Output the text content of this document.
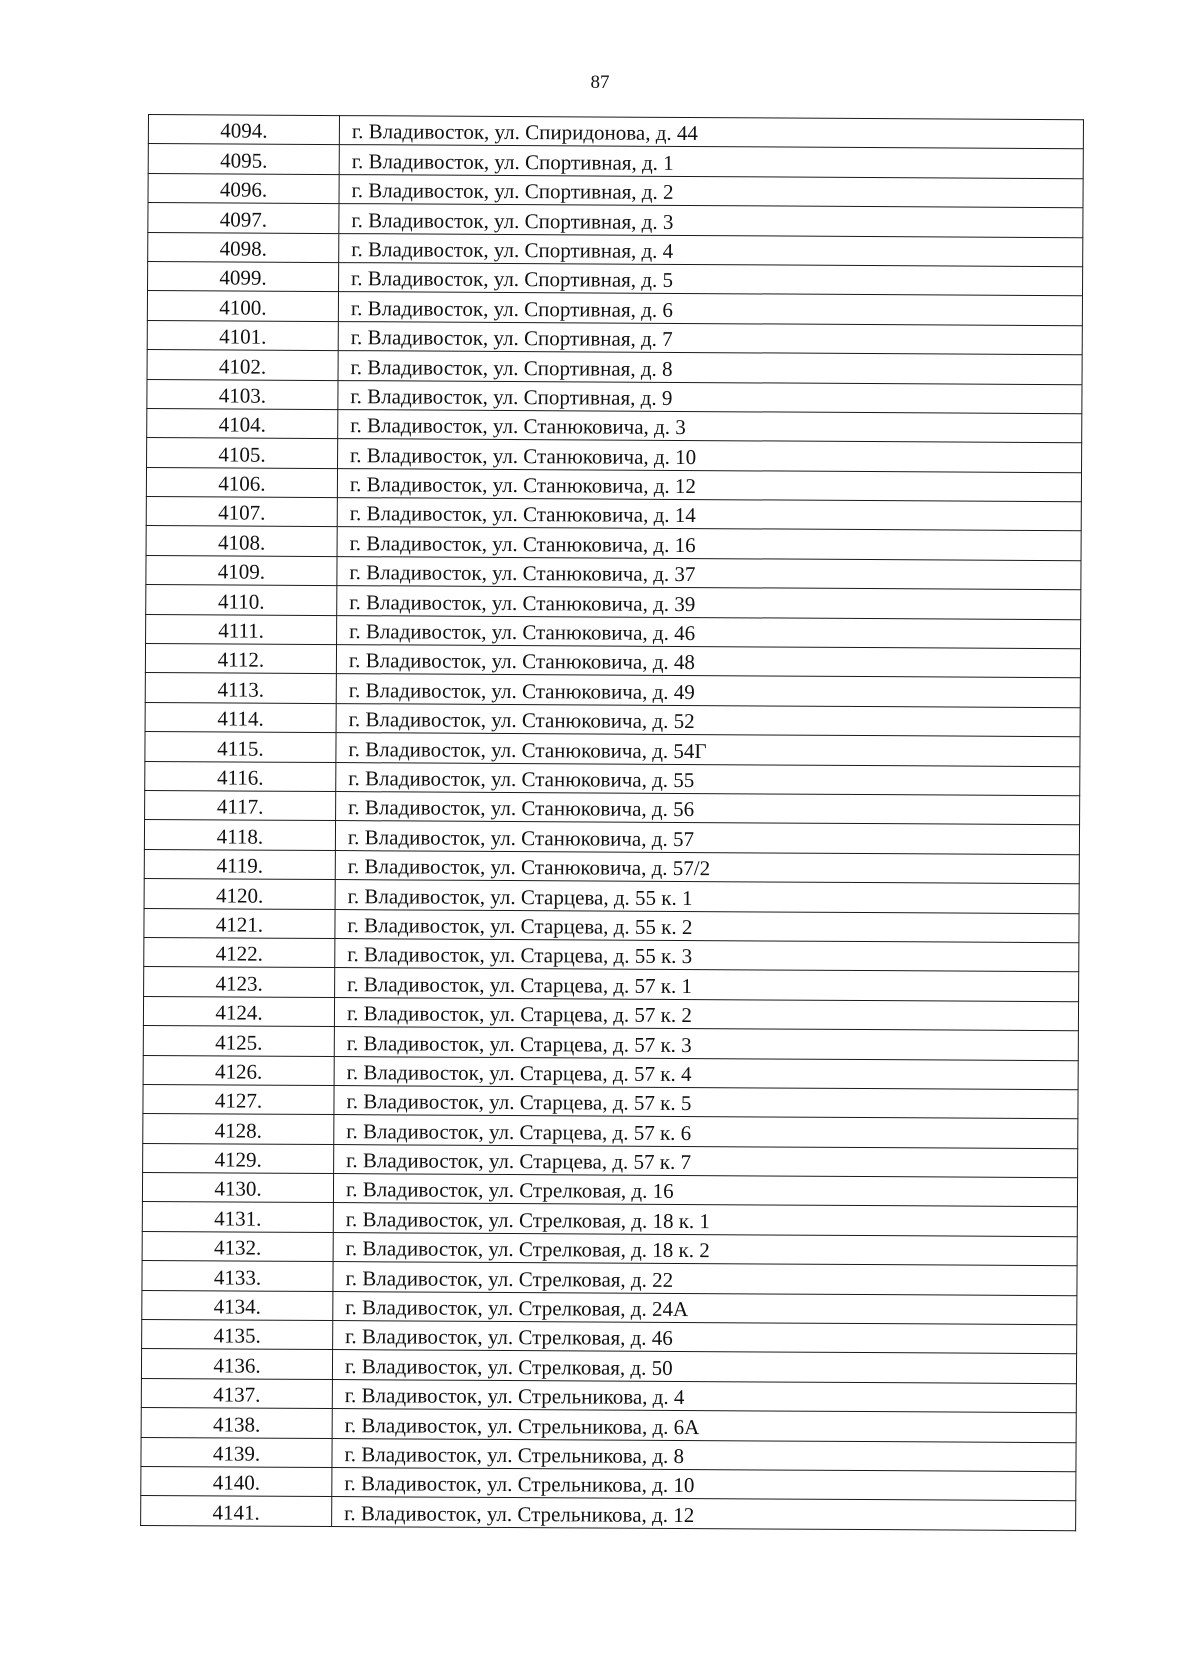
87
4094.	г. Владивосток, ул. Спиридонова, д. 44
4095.	г. Владивосток, ул. Спортивная, д. 1
4096.	г. Владивосток, ул. Спортивная, д. 2
4097.	г. Владивосток, ул. Спортивная, д. 3
4098.	г. Владивосток, ул. Спортивная, д. 4
4099.	г. Владивосток, ул. Спортивная, д. 5
4100.	г. Владивосток, ул. Спортивная, д. 6
4101.	г. Владивосток, ул. Спортивная, д. 7
4102.	г. Владивосток, ул. Спортивная, д. 8
4103.	г. Владивосток, ул. Спортивная, д. 9
4104.	г. Владивосток, ул. Станюковича, д. 3
4105.	г. Владивосток, ул. Станюковича, д. 10
4106.	г. Владивосток, ул. Станюковича, д. 12
4107.	г. Владивосток, ул. Станюковича, д. 14
4108.	г. Владивосток, ул. Станюковича, д. 16
4109.	г. Владивосток, ул. Станюковича, д. 37
4110.	г. Владивосток, ул. Станюковича, д. 39
4111.	г. Владивосток, ул. Станюковича, д. 46
4112.	г. Владивосток, ул. Станюковича, д. 48
4113.	г. Владивосток, ул. Станюковича, д. 49
4114.	г. Владивосток, ул. Станюковича, д. 52
4115.	г. Владивосток, ул. Станюковича, д. 54Г
4116.	г. Владивосток, ул. Станюковича, д. 55
4117.	г. Владивосток, ул. Станюковича, д. 56
4118.	г. Владивосток, ул. Станюковича, д. 57
4119.	г. Владивосток, ул. Станюковича, д. 57/2
4120.	г. Владивосток, ул. Старцева, д. 55 к. 1
4121.	г. Владивосток, ул. Старцева, д. 55 к. 2
4122.	г. Владивосток, ул. Старцева, д. 55 к. 3
4123.	г. Владивосток, ул. Старцева, д. 57 к. 1
4124.	г. Владивосток, ул. Старцева, д. 57 к. 2
4125.	г. Владивосток, ул. Старцева, д. 57 к. 3
4126.	г. Владивосток, ул. Старцева, д. 57 к. 4
4127.	г. Владивосток, ул. Старцева, д. 57 к. 5
4128.	г. Владивосток, ул. Старцева, д. 57 к. 6
4129.	г. Владивосток, ул. Старцева, д. 57 к. 7
4130.	г. Владивосток, ул. Стрелковая, д. 16
4131.	г. Владивосток, ул. Стрелковая, д. 18 к. 1
4132.	г. Владивосток, ул. Стрелковая, д. 18 к. 2
4133.	г. Владивосток, ул. Стрелковая, д. 22
4134.	г. Владивосток, ул. Стрелковая, д. 24А
4135.	г. Владивосток, ул. Стрелковая, д. 46
4136.	г. Владивосток, ул. Стрелковая, д. 50
4137.	г. Владивосток, ул. Стрельникова, д. 4
4138.	г. Владивосток, ул. Стрельникова, д. 6А
4139.	г. Владивосток, ул. Стрельникова, д. 8
4140.	г. Владивосток, ул. Стрельникова, д. 10
4141.	г. Владивосток, ул. Стрельникова, д. 12
